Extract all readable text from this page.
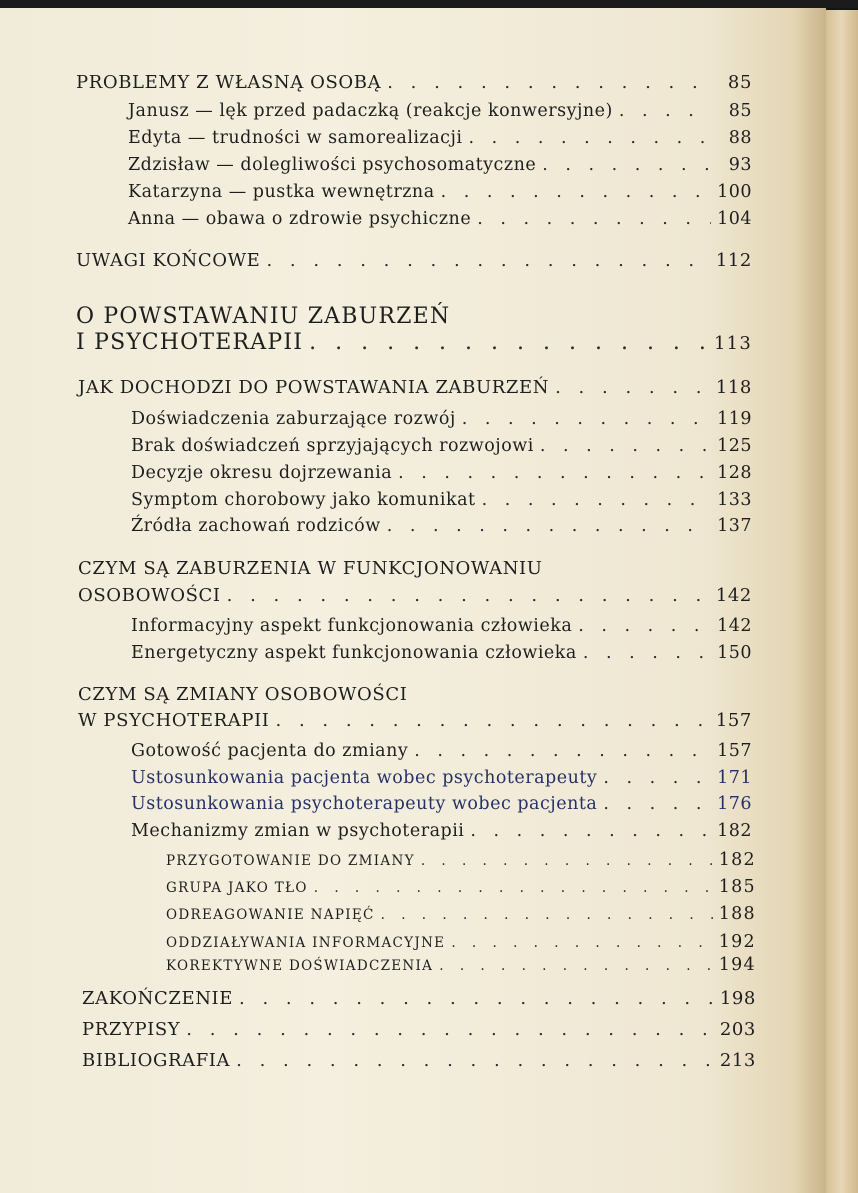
PROBLEMY Z WŁASNĄ OSOBĄ . . .	85
Janusz — lęk przed padaczką (reakcje konwersyjne) . . .	85
Edyta — trudności w samorealizacji . . .	88
Zdzisław — dolegliwości psychosomatyczne . . .	93
Katarzyna — pustka wewnętrzna . . .	100
Anna — obawa o zdrowie psychiczne . . .	104
UWAGI KOŃCOWE . . .	112
O POWSTAWANIU ZABURZEŃ
I PSYCHOTERAPII . . .	113
JAK DOCHODZI DO POWSTAWANIA ZABURZEŃ . . .	118
Doświadczenia zaburzające rozwój . . .	119
Brak doświadczeń sprzyjających rozwojowi . . .	125
Decyzje okresu dojrzewania . . .	128
Symptom chorobowy jako komunikat . . .	133
Źródła zachowań rodziców . . .	137
CZYM SĄ ZABURZENIA W FUNKCJONOWANIU
OSOBOWOŚCI . . .	142
Informacyjny aspekt funkcjonowania człowieka . . .	142
Energetyczny aspekt funkcjonowania człowieka . . .	150
CZYM SĄ ZMIANY OSOBOWOŚCI
W PSYCHOTERAPII . . .	157
Gotowość pacjenta do zmiany . . .	157
Ustosunkowania pacjenta wobec psychoterapeuty . . .	171
Ustosunkowania psychoterapeuty wobec pacjenta . . .	176
Mechanizmy zmian w psychoterapii . . .	182
PRZYGOTOWANIE DO ZMIANY . . .	182
GRUPA JAKO TŁO . . .	185
ODREAGOWANIE NAPIĘĆ . . .	188
ODDZIAŁYWANIA INFORMACYJNE . . .	192
KOREKTYWNE DOŚWIADCZENIA . . .	194
ZAKOŃCZENIE . . .	198
PRZYPISY . . .	203
BIBLIOGRAFIA . . .	213
